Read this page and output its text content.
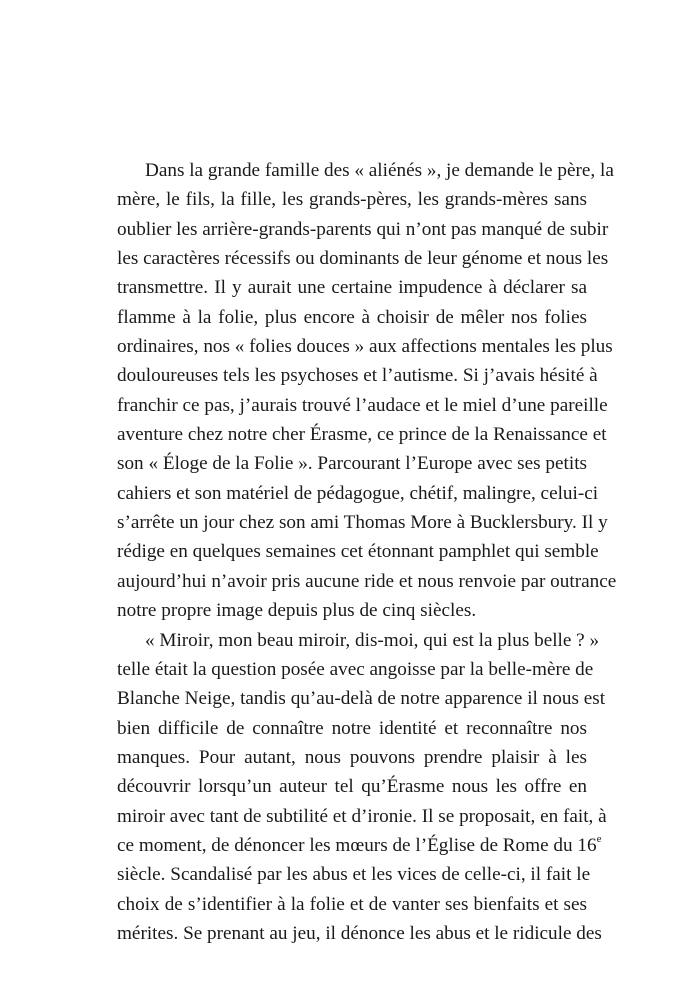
Dans la grande famille des « aliénés », je demande le père, la
mère, le fils, la fille, les grands-pères, les grands-mères sans
oublier les arrière-grands-parents qui n’ont pas manqué de subir
les caractères récessifs ou dominants de leur génome et nous les
transmettre. Il y aurait une certaine impudence à déclarer sa
flamme à la folie, plus encore à choisir de mêler nos folies
ordinaires, nos « folies douces » aux affections mentales les plus
douloureuses tels les psychoses et l’autisme. Si j’avais hésité à
franchir ce pas, j’aurais trouvé l’audace et le miel d’une pareille
aventure chez notre cher Érasme, ce prince de la Renaissance et
son « Éloge de la Folie ». Parcourant l’Europe avec ses petits
cahiers et son matériel de pédagogue, chétif, malingre, celui-ci
s’arrête un jour chez son ami Thomas More à Bucklersbury. Il y
rédige en quelques semaines cet étonnant pamphlet qui semble
aujourd’hui n’avoir pris aucune ride et nous renvoie par outrance
notre propre image depuis plus de cinq siècles.
« Miroir, mon beau miroir, dis-moi, qui est la plus belle ? »
telle était la question posée avec angoisse par la belle-mère de
Blanche Neige, tandis qu’au-delà de notre apparence il nous est
bien difficile de connaître notre identité et reconnaître nos
manques. Pour autant, nous pouvons prendre plaisir à les
découvrir lorsqu’un auteur tel qu’Érasme nous les offre en
miroir avec tant de subtilité et d’ironie. Il se proposait, en fait, à
ce moment, de dénoncer les mœurs de l’Église de Rome du 16e
siècle. Scandalisé par les abus et les vices de celle-ci, il fait le
choix de s’identifier à la folie et de vanter ses bienfaits et ses
mérites. Se prenant au jeu, il dénonce les abus et le ridicule des
